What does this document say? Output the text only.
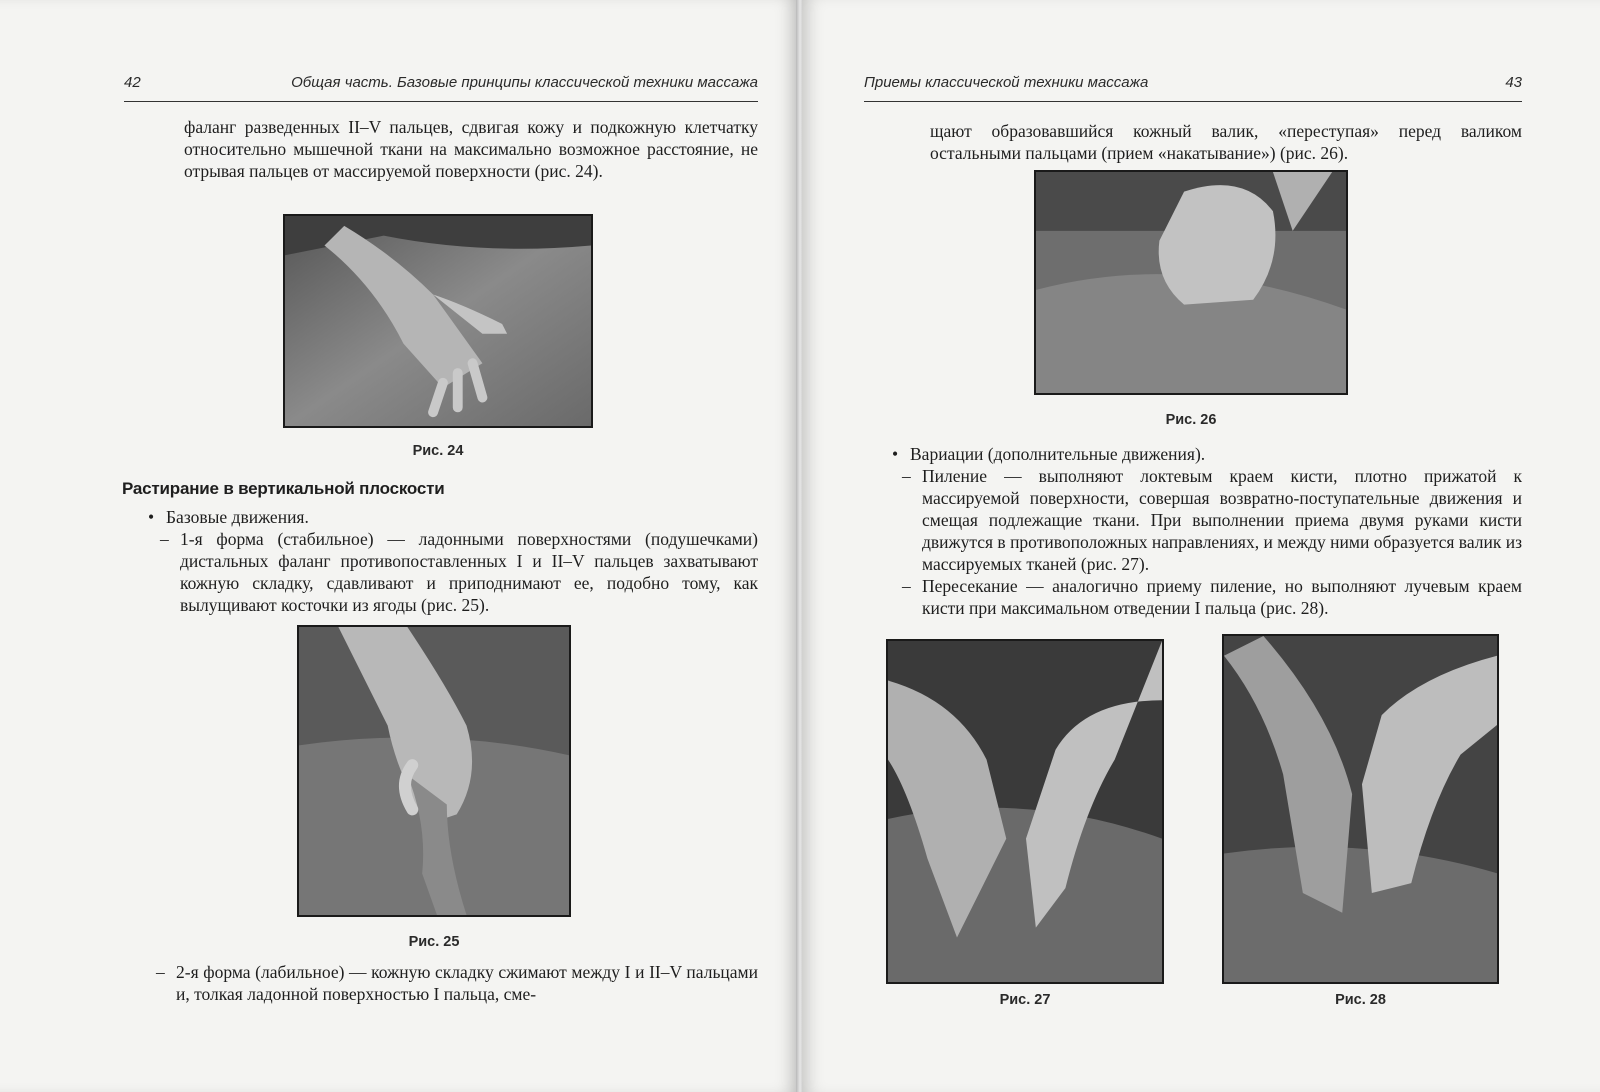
42	Общая часть. Базовые принципы классической техники массажа

фаланг разведенных II–V пальцев, сдвигая кожу и подкожную клетчатку относительно мышечной ткани на максимально возможное расстояние, не отрывая пальцев от массируемой поверхности (рис. 24).

Рис. 24
Растирание в вертикальной плоскости
• Базовые движения.
– 1-я форма (стабильное) — ладонными поверхностями (подушечками) дистальных фаланг противопоставленных I и II–V пальцев захватывают кожную складку, сдавливают и приподнимают ее, подобно тому, как вылущивают косточки из ягоды (рис. 25).

Рис. 25
– 2-я форма (лабильное) — кожную складку сжимают между I и II–V пальцами и, толкая ладонной поверхностью I пальца, сме-

Приемы классической техники массажа	43

щают образовавшийся кожный валик, «переступая» перед валиком остальными пальцами (прием «накатывание») (рис. 26).

Рис. 26
• Вариации (дополнительные движения).
– Пиление — выполняют локтевым краем кисти, плотно прижатой к массируемой поверхности, совершая возвратно-поступательные движения и смещая подлежащие ткани. При выполнении приема двумя руками кисти движутся в противоположных направлениях, и между ними образуется валик из массируемых тканей (рис. 27).

– Пересекание — аналогично приему пиление, но выполняют лучевым краем кисти при максимальном отведении I пальца (рис. 28).

Рис. 27	Рис. 28
